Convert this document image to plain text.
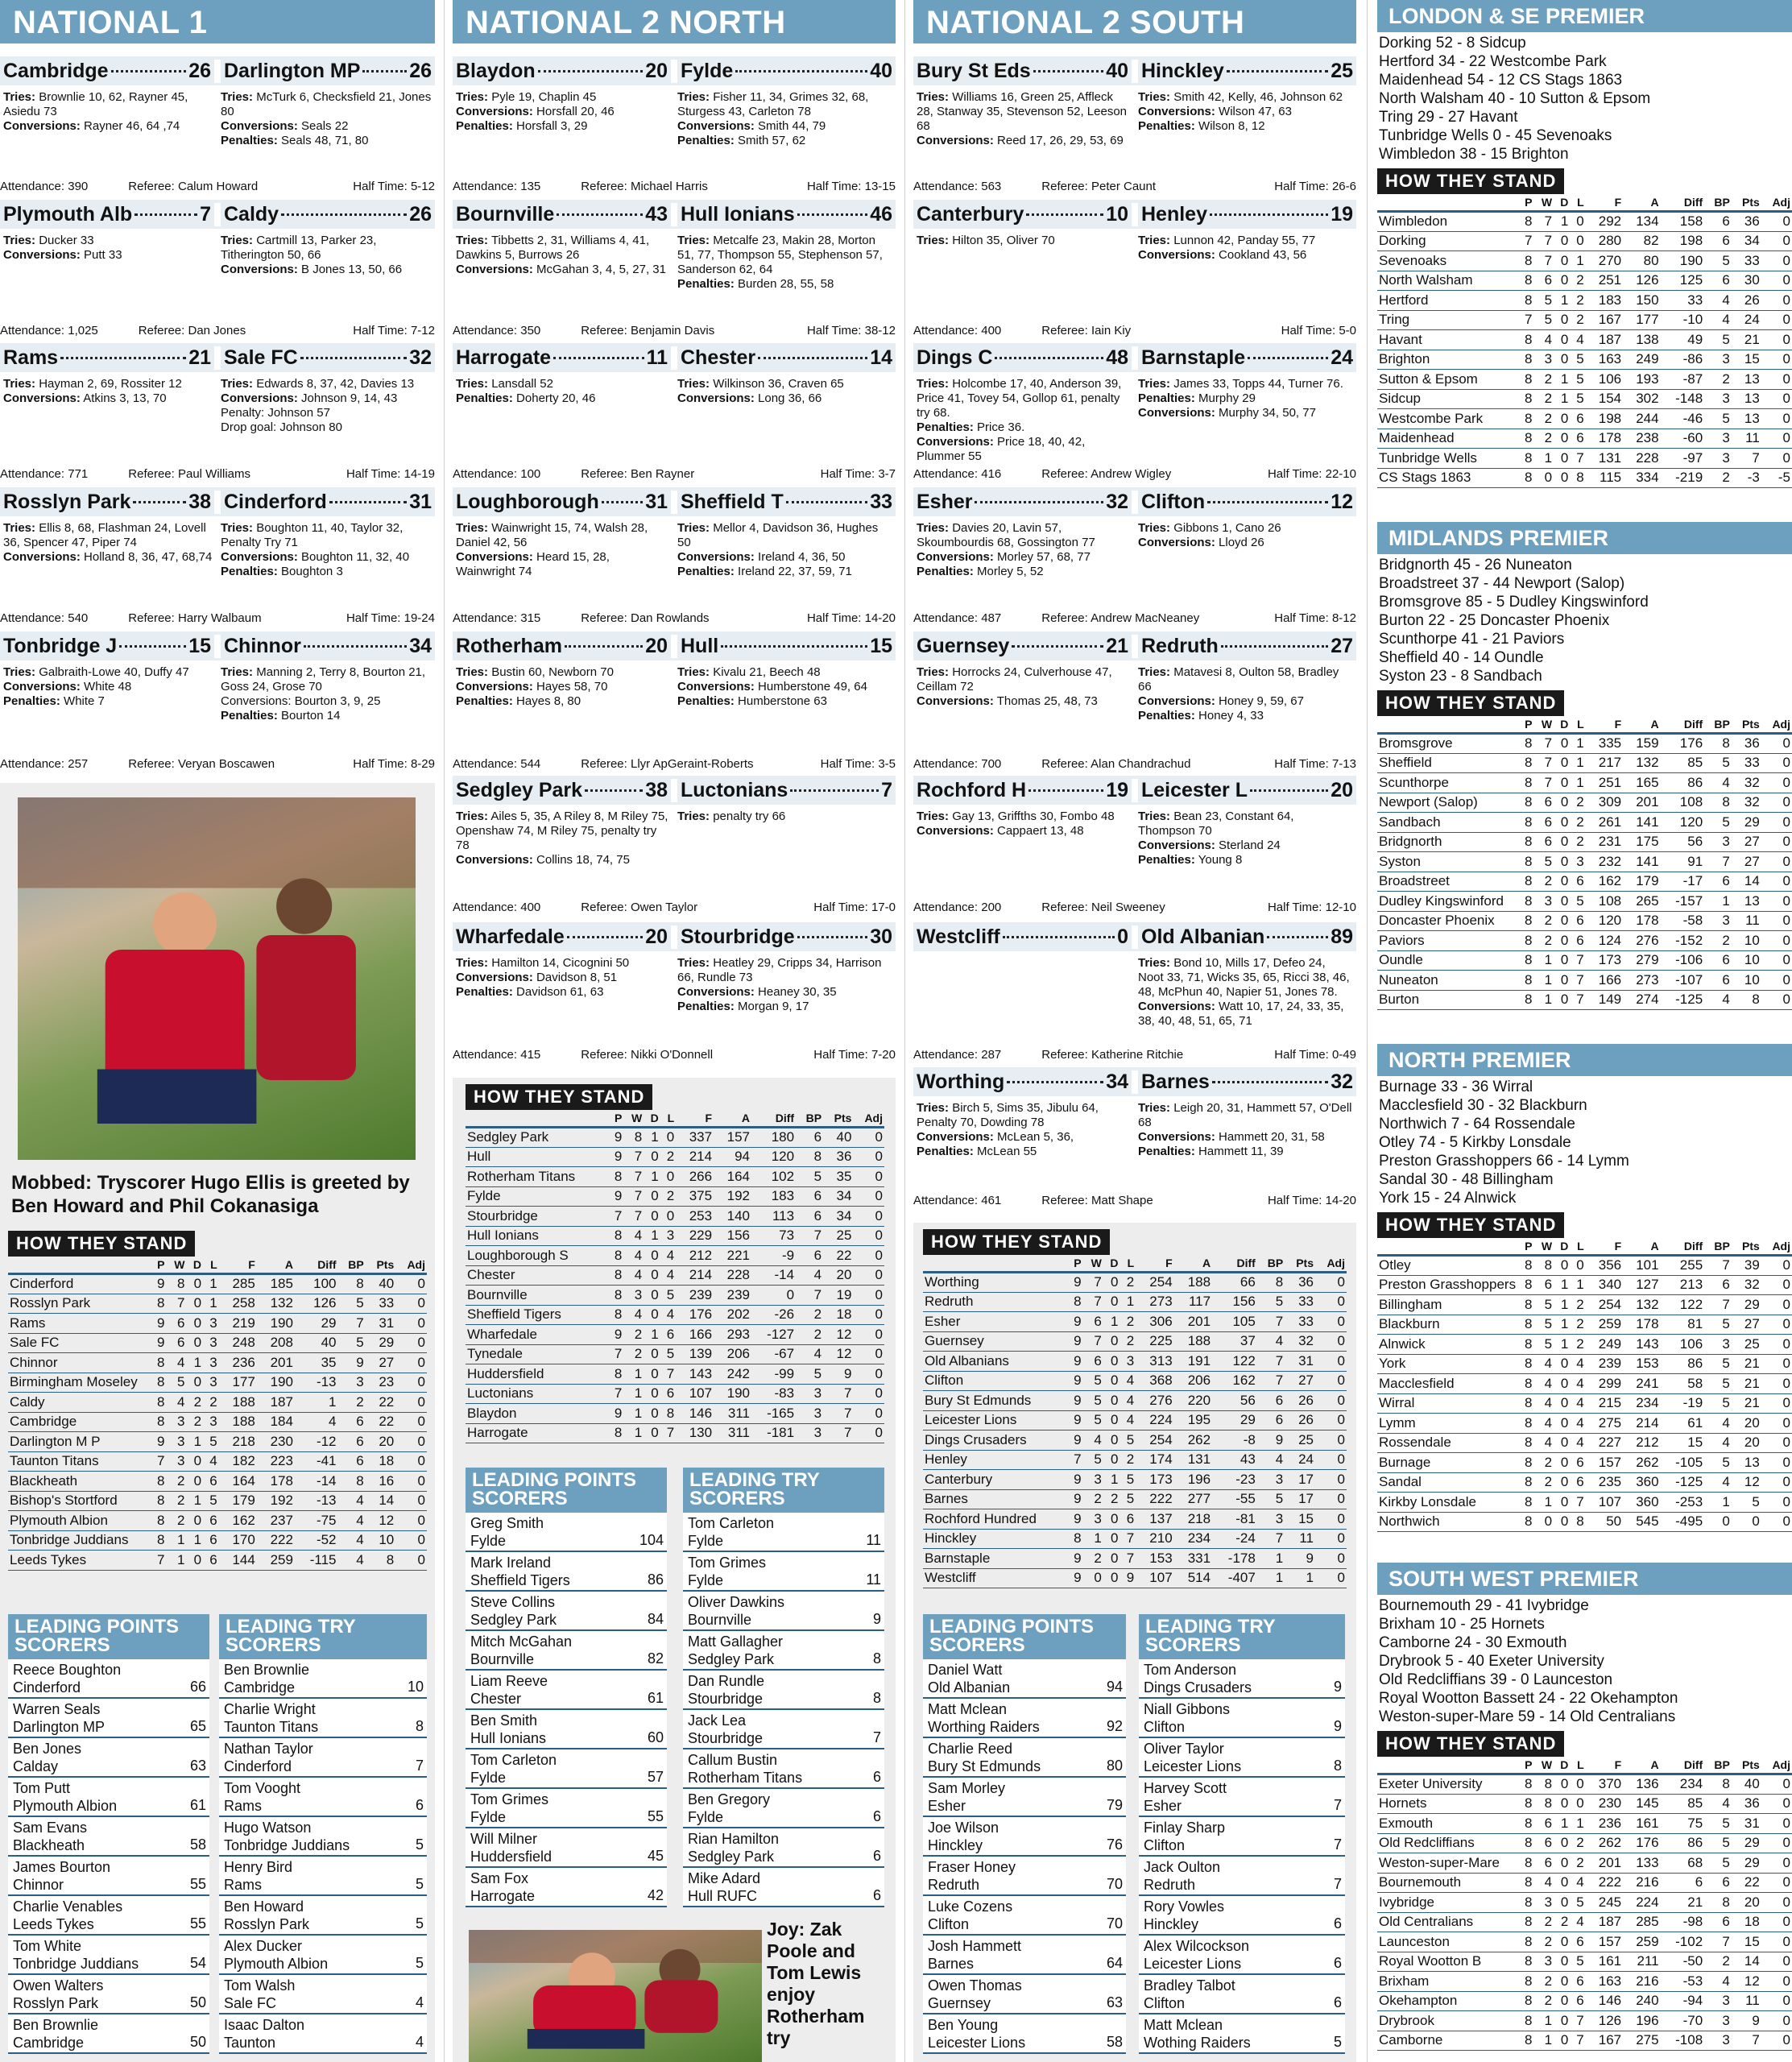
NATIONAL 1
Cambridge	26 Darlington MP 26
Tries: Brownlie 10, 62, Rayner 45, Asiedu 73
Conversions: Rayner 46, 64 ,74
Tries: McTurk 6, Checksfield 21, Jones 80
Conversions: Seals 22
Penalties: Seals 48, 71, 80
Attendance: 390	Referee: Calum Howard	Half Time: 5-12
Plymouth Alb	7 Caldy	26
Tries: Ducker 33
Conversions: Putt 33
Tries: Cartmill 13, Parker 23, Titherington 50, 66
Conversions: B Jones 13, 50, 66
Attendance: 1,025	Referee: Dan Jones	Half Time: 7-12
Rams	21 Sale FC	32
Tries: Hayman 2, 69, Rossiter 12
Conversions: Atkins 3, 13, 70
Tries: Edwards 8, 37, 42, Davies 13
Conversions: Johnson 9, 14, 43
Penalty: Johnson 57
Drop goal: Johnson 80
Attendance: 771	Referee: Paul Williams	Half Time: 14-19
Rosslyn Park	38 Cinderford	31
Tries: Ellis 8, 68, Flashman 24, Lovell 36, Spencer 47, Piper 74
Conversions: Holland 8, 36, 47, 68,74
Tries: Boughton 11, 40, Taylor 32, Penalty Try 71
Conversions: Boughton 11, 32, 40
Penalties: Boughton 3
Attendance: 540	Referee: Harry Walbaum	Half Time: 19-24
Tonbridge J	15 Chinnor	34
Tries: Galbraith-Lowe 40, Duffy 47
Conversions: White 48
Penalties: White 7
Tries: Manning 2, Terry 8, Bourton 21, Goss 24, Grose 70
Conversions: Bourton 3, 9, 25
Penalties: Bourton 14
Attendance: 257	Referee: Veryan Boscawen	Half Time: 8-29
Mobbed: Tryscorer Hugo Ellis is greeted by Ben Howard and Phil Cokanasiga
HOW THEY STAND
	P	W	D	L	F	A	Diff	BP	Pts	Adj
Cinderford	9	8	0	1	285	185	100	8	40	0
Rosslyn Park	8	7	0	1	258	132	126	5	33	0
Rams	9	6	0	3	219	190	29	7	31	0
Sale FC	9	6	0	3	248	208	40	5	29	0
Chinnor	8	4	1	3	236	201	35	9	27	0
Birmingham Moseley	8	5	0	3	177	190	-13	3	23	0
Caldy	8	4	2	2	188	187	1	2	22	0
Cambridge	8	3	2	3	188	184	4	6	22	0
Darlington M P	9	3	1	5	218	230	-12	6	20	0
Taunton Titans	7	3	0	4	182	223	-41	6	18	0
Blackheath	8	2	0	6	164	178	-14	8	16	0
Bishop's Stortford	8	2	1	5	179	192	-13	4	14	0
Plymouth Albion	8	2	0	6	162	237	-75	4	12	0
Tonbridge Juddians	8	1	1	6	170	222	-52	4	10	0
Leeds Tykes	7	1	0	6	144	259	-115	4	8	0
LEADING POINTS SCORERS
Reece Boughton
Cinderford	66
Warren Seals
Darlington MP	65
Ben Jones
Calday	63
Tom Putt
Plymouth Albion	61
Sam Evans
Blackheath	58
James Bourton
Chinnor	55
Charlie Venables
Leeds Tykes	55
Tom White
Tonbridge Juddians	54
Owen Walters
Rosslyn Park	50
Ben Brownlie
Cambridge	50
LEADING TRY SCORERS
Ben Brownlie
Cambridge	10
Charlie Wright
Taunton Titans	8
Nathan Taylor
Cinderford	7
Tom Vooght
Rams	6
Hugo Watson
Tonbridge Juddians	5
Henry Bird
Rams	5
Ben Howard
Rosslyn Park	5
Alex Ducker
Plymouth Albion	5
Tom Walsh
Sale FC	4
Isaac Dalton
Taunton	4
NATIONAL 2 NORTH
Blaydon	20 Fylde	40
Tries: Pyle 19, Chaplin 45
Conversions: Horsfall 20, 46
Penalties: Horsfall 3, 29
Tries: Fisher 11, 34, Grimes 32, 68, Sturgess 43, Carleton 78
Conversions: Smith 44, 79
Penalties: Smith 57, 62
Attendance: 135	Referee: Michael Harris	Half Time: 13-15
Bournville	43 Hull Ionians	46
Tries: Tibbetts 2, 31, Williams 4, 41, Dawkins 5, Burrows 26
Conversions: McGahan 3, 4, 5, 27, 31
Tries: Metcalfe 23, Makin 28, Morton 51, 77, Thompson 55, Stephenson 57, Sanderson 62, 64
Penalties: Burden 28, 55, 58
Attendance: 350	Referee: Benjamin Davis	Half Time: 38-12
Harrogate	11 Chester	14
Tries: Lansdall 52
Penalties: Doherty 20, 46
Tries: Wilkinson 36, Craven 65
Conversions: Long 36, 66
Attendance: 100	Referee: Ben Rayner	Half Time: 3-7
Loughborough 31 Sheffield T	33
Tries: Wainwright 15, 74, Walsh 28, Daniel 42, 56
Conversions: Heard 15, 28, Wainwright 74
Tries: Mellor 4, Davidson 36, Hughes 50
Conversions: Ireland 4, 36, 50
Penalties: Ireland 22, 37, 59, 71
Attendance: 315	Referee: Dan Rowlands	Half Time: 14-20
Rotherham	20 Hull	15
Tries: Bustin 60, Newborn 70
Conversions: Hayes 58, 70
Penalties: Hayes 8, 80
Tries: Kivalu 21, Beech 48
Conversions: Humberstone 49, 64
Penalties: Humberstone 63
Attendance: 544	Referee: Llyr ApGeraint-Roberts	Half Time: 3-5
Sedgley Park	38 Luctonians	7
Tries: Ailes 5, 35, A Riley 8, M Riley 75, Openshaw 74, M Riley 75, penalty try 78
Conversions: Collins 18, 74, 75
Tries: penalty try 66
Attendance: 400	Referee: Owen Taylor	Half Time: 17-0
Wharfedale	20 Stourbridge	30
Tries: Hamilton 14, Cicognini 50
Conversions: Davidson 8, 51
Penalties: Davidson 61, 63
Tries: Heatley 29, Cripps 34, Harrison 66, Rundle 73
Conversions: Heaney 30, 35
Penalties: Morgan 9, 17
Attendance: 415	Referee: Nikki O'Donnell	Half Time: 7-20
HOW THEY STAND
	P	W	D	L	F	A	Diff	BP	Pts	Adj
Sedgley Park	9	8	1	0	337	157	180	6	40	0
Hull	9	7	0	2	214	94	120	8	36	0
Rotherham Titans	8	7	1	0	266	164	102	5	35	0
Fylde	9	7	0	2	375	192	183	6	34	0
Stourbridge	7	7	0	0	253	140	113	6	34	0
Hull Ionians	8	4	1	3	229	156	73	7	25	0
Loughborough S	8	4	0	4	212	221	-9	6	22	0
Chester	8	4	0	4	214	228	-14	4	20	0
Bournville	8	3	0	5	239	239	0	7	19	0
Sheffield Tigers	8	4	0	4	176	202	-26	2	18	0
Wharfedale	9	2	1	6	166	293	-127	2	12	0
Tynedale	7	2	0	5	139	206	-67	4	12	0
Huddersfield	8	1	0	7	143	242	-99	5	9	0
Luctonians	7	1	0	6	107	190	-83	3	7	0
Blaydon	9	1	0	8	146	311	-165	3	7	0
Harrogate	8	1	0	7	130	311	-181	3	7	0
LEADING POINTS SCORERS
Greg Smith
Fylde	104
Mark Ireland
Sheffield Tigers	86
Steve Collins
Sedgley Park	84
Mitch McGahan
Bournville	82
Liam Reeve
Chester	61
Ben Smith
Hull Ionians	60
Tom Carleton
Fylde	57
Tom Grimes
Fylde	55
Will Milner
Huddersfield	45
Sam Fox
Harrogate	42
LEADING TRY SCORERS
Tom Carleton
Fylde	11
Tom Grimes
Fylde	11
Oliver Dawkins
Bournville	9
Matt Gallagher
Sedgley Park	8
Dan Rundle
Stourbridge	8
Jack Lea
Stourbridge	7
Callum Bustin
Rotherham Titans	6
Ben Gregory
Fylde	6
Rian Hamilton
Sedgley Park	6
Mike Adard
Hull RUFC	6
Joy: Zak Poole and Tom Lewis enjoy Rotherham try
NATIONAL 2 SOUTH
Bury St Eds	40 Hinckley	25
Tries: Williams 16, Green 25, Affleck 28, Stanway 35, Stevenson 52, Leeson 68
Conversions: Reed 17, 26, 29, 53, 69
Tries: Smith 42, Kelly, 46, Johnson 62
Conversions: Wilson 47, 63
Penalties: Wilson 8, 12
Attendance: 563	Referee: Peter Caunt	Half Time: 26-6
Canterbury	10 Henley	19
Tries: Hilton 35, Oliver 70	Tries: Lunnon 42, Panday 55, 77
Conversions: Cookland 43, 56
Attendance: 400	Referee: Iain Kiy	Half Time: 5-0
Dings C	48 Barnstaple	24
Tries: Holcombe 17, 40, Anderson 39, Price 41, Tovey 54, Gollop 61, penalty try 68.
Penalties: Price 36.
Conversions: Price 18, 40, 42, Plummer 55
Tries: James 33, Topps 44, Turner 76.
Penalties: Murphy 29
Conversions: Murphy 34, 50, 77
Attendance: 416	Referee: Andrew Wigley	Half Time: 22-10
Esher	32 Clifton	12
Tries: Davies 20, Lavin 57, Skoumbourdis 68, Gossington 77
Conversions: Morley 57, 68, 77
Penalties: Morley 5, 52
Tries: Gibbons 1, Cano 26
Conversions: Lloyd 26
Attendance: 487	Referee: Andrew MacNeaney	Half Time: 8-12
Guernsey	21 Redruth	27
Tries: Horrocks 24, Culverhouse 47, Ceillam 72
Conversions: Thomas 25, 48, 73
Tries: Matavesi 8, Oulton 58, Bradley 66
Conversions: Honey 9, 59, 67
Penalties: Honey 4, 33
Attendance: 700	Referee: Alan Chandrachud	Half Time: 7-13
Rochford H	19 Leicester L	20
Tries: Gay 13, Griffths 30, Fombo 48
Conversions: Cappaert 13, 48
Tries: Bean 23, Constant 64, Thompson 70
Conversions: Sterland 24
Penalties: Young 8
Attendance: 200	Referee: Neil Sweeney	Half Time: 12-10
Westcliff	0 Old Albanian	89
Tries: Bond 10, Mills 17, Defeo 24, Noot 33, 71, Wicks 35, 65, Ricci 38, 46, 48, McPhun 40, Napier 51, Jones 78.
Conversions: Watt 10, 17, 24, 33, 35, 38, 40, 48, 51, 65, 71
Attendance: 287	Referee: Katherine Ritchie	Half Time: 0-49
Worthing	34 Barnes	32
Tries: Birch 5, Sims 35, Jibulu 64, Penalty 70, Dowding 78
Conversions: McLean 5, 36,
Penalties: McLean 55
Tries: Leigh 20, 31, Hammett 57, O'Dell 68
Conversions: Hammett 20, 31, 58
Penalties: Hammett 11, 39
Attendance: 461	Referee: Matt Shape	Half Time: 14-20
HOW THEY STAND
	P	W	D	L	F	A	Diff	BP	Pts	Adj
Worthing	9	7	0	2	254	188	66	8	36	0
Redruth	8	7	0	1	273	117	156	5	33	0
Esher	9	6	1	2	306	201	105	7	33	0
Guernsey	9	7	0	2	225	188	37	4	32	0
Old Albanians	9	6	0	3	313	191	122	7	31	0
Clifton	9	5	0	4	368	206	162	7	27	0
Bury St Edmunds	9	5	0	4	276	220	56	6	26	0
Leicester Lions	9	5	0	4	224	195	29	6	26	0
Dings Crusaders	9	4	0	5	254	262	-8	9	25	0
Henley	7	5	0	2	174	131	43	4	24	0
Canterbury	9	3	1	5	173	196	-23	3	17	0
Barnes	9	2	2	5	222	277	-55	5	17	0
Rochford Hundred	9	3	0	6	137	218	-81	3	15	0
Hinckley	8	1	0	7	210	234	-24	7	11	0
Barnstaple	9	2	0	7	153	331	-178	1	9	0
Westcliff	9	0	0	9	107	514	-407	1	1	0
LEADING POINTS SCORERS
Daniel Watt
Old Albanian	94
Matt Mclean
Worthing Raiders	92
Charlie Reed
Bury St Edmunds	80
Sam Morley
Esher	79
Joe Wilson
Hinckley	76
Fraser Honey
Redruth	70
Luke Cozens
Clifton	70
Josh Hammett
Barnes	64
Owen Thomas
Guernsey	63
Ben Young
Leicester Lions	58
LEADING TRY SCORERS
Tom Anderson
Dings Crusaders	9
Niall Gibbons
Clifton	9
Oliver Taylor
Leicester Lions	8
Harvey Scott
Esher	7
Finlay Sharp
Clifton	7
Jack Oulton
Redruth	7
Rory Vowles
Hinckley	6
Alex Wilcockson
Leicester Lions	6
Bradley Talbot
Clifton	6
Matt Mclean
Wothing Raiders	5
LONDON & SE PREMIER
Dorking 52 - 8 Sidcup
Hertford 34 - 22 Westcombe Park
Maidenhead 54 - 12 CS Stags 1863
North Walsham 40 - 10 Sutton & Epsom
Tring 29 - 27 Havant
Tunbridge Wells 0 - 45 Sevenoaks
Wimbledon 38 - 15 Brighton
HOW THEY STAND
	P	W	D	L	F	A	Diff	BP	Pts	Adj
Wimbledon	8	7	1	0	292	134	158	6	36	0
Dorking	7	7	0	0	280	82	198	6	34	0
Sevenoaks	8	7	0	1	270	80	190	5	33	0
North Walsham	8	6	0	2	251	126	125	6	30	0
Hertford	8	5	1	2	183	150	33	4	26	0
Tring	7	5	0	2	167	177	-10	4	24	0
Havant	8	4	0	4	187	138	49	5	21	0
Brighton	8	3	0	5	163	249	-86	3	15	0
Sutton & Epsom	8	2	1	5	106	193	-87	2	13	0
Sidcup	8	2	1	5	154	302	-148	3	13	0
Westcombe Park	8	2	0	6	198	244	-46	5	13	0
Maidenhead	8	2	0	6	178	238	-60	3	11	0
Tunbridge Wells	8	1	0	7	131	228	-97	3	7	0
CS Stags 1863	8	0	0	8	115	334	-219	2	-3	-5
MIDLANDS PREMIER
Bridgnorth 45 - 26 Nuneaton
Broadstreet 37 - 44 Newport (Salop)
Bromsgrove 85 - 5 Dudley Kingswinford
Burton 22 - 25 Doncaster Phoenix
Scunthorpe 41 - 21 Paviors
Sheffield 40 - 14 Oundle
Syston 23 - 8 Sandbach
HOW THEY STAND
	P	W	D	L	F	A	Diff	BP	Pts	Adj
Bromsgrove	8	7	0	1	335	159	176	8	36	0
Sheffield	8	7	0	1	217	132	85	5	33	0
Scunthorpe	8	7	0	1	251	165	86	4	32	0
Newport (Salop)	8	6	0	2	309	201	108	8	32	0
Sandbach	8	6	0	2	261	141	120	5	29	0
Bridgnorth	8	6	0	2	231	175	56	3	27	0
Syston	8	5	0	3	232	141	91	7	27	0
Broadstreet	8	2	0	6	162	179	-17	6	14	0
Dudley Kingswinford	8	3	0	5	108	265	-157	1	13	0
Doncaster Phoenix	8	2	0	6	120	178	-58	3	11	0
Paviors	8	2	0	6	124	276	-152	2	10	0
Oundle	8	1	0	7	173	279	-106	6	10	0
Nuneaton	8	1	0	7	166	273	-107	6	10	0
Burton	8	1	0	7	149	274	-125	4	8	0
NORTH PREMIER
Burnage 33 - 36 Wirral
Macclesfield 30 - 32 Blackburn
Northwich 7 - 64 Rossendale
Otley 74 - 5 Kirkby Lonsdale
Preston Grasshoppers 66 - 14 Lymm
Sandal 30 - 48 Billingham
York 15 - 24 Alnwick
HOW THEY STAND
	P	W	D	L	F	A	Diff	BP	Pts	Adj
Otley	8	8	0	0	356	101	255	7	39	0
Preston Grasshoppers	8	6	1	1	340	127	213	6	32	0
Billingham	8	5	1	2	254	132	122	7	29	0
Blackburn	8	5	1	2	259	178	81	5	27	0
Alnwick	8	5	1	2	249	143	106	3	25	0
York	8	4	0	4	239	153	86	5	21	0
Macclesfield	8	4	0	4	299	241	58	5	21	0
Wirral	8	4	0	4	215	234	-19	5	21	0
Lymm	8	4	0	4	275	214	61	4	20	0
Rossendale	8	4	0	4	227	212	15	4	20	0
Burnage	8	2	0	6	157	262	-105	5	13	0
Sandal	8	2	0	6	235	360	-125	4	12	0
Kirkby Lonsdale	8	1	0	7	107	360	-253	1	5	0
Northwich	8	0	0	8	50	545	-495	0	0	0
SOUTH WEST PREMIER
Bournemouth 29 - 41 Ivybridge
Brixham 10 - 25 Hornets
Camborne 24 - 30 Exmouth
Drybrook 5 - 40 Exeter University
Old Redcliffians 39 - 0 Launceston
Royal Wootton Bassett 24 - 22 Okehampton
Weston-super-Mare 59 - 14 Old Centralians
HOW THEY STAND
	P	W	D	L	F	A	Diff	BP	Pts	Adj
Exeter University	8	8	0	0	370	136	234	8	40	0
Hornets	8	8	0	0	230	145	85	4	36	0
Exmouth	8	6	1	1	236	161	75	5	31	0
Old Redcliffians	8	6	0	2	262	176	86	5	29	0
Weston-super-Mare	8	6	0	2	201	133	68	5	29	0
Bournemouth	8	4	0	4	222	216	6	6	22	0
Ivybridge	8	3	0	5	245	224	21	8	20	0
Old Centralians	8	2	2	4	187	285	-98	6	18	0
Launceston	8	2	0	6	157	259	-102	7	15	0
Royal Wootton B	8	3	0	5	161	211	-50	2	14	0
Brixham	8	2	0	6	163	216	-53	4	12	0
Okehampton	8	2	0	6	146	240	-94	3	11	0
Drybrook	8	1	0	7	126	196	-70	3	9	0
Camborne	8	1	0	7	167	275	-108	3	7	0
